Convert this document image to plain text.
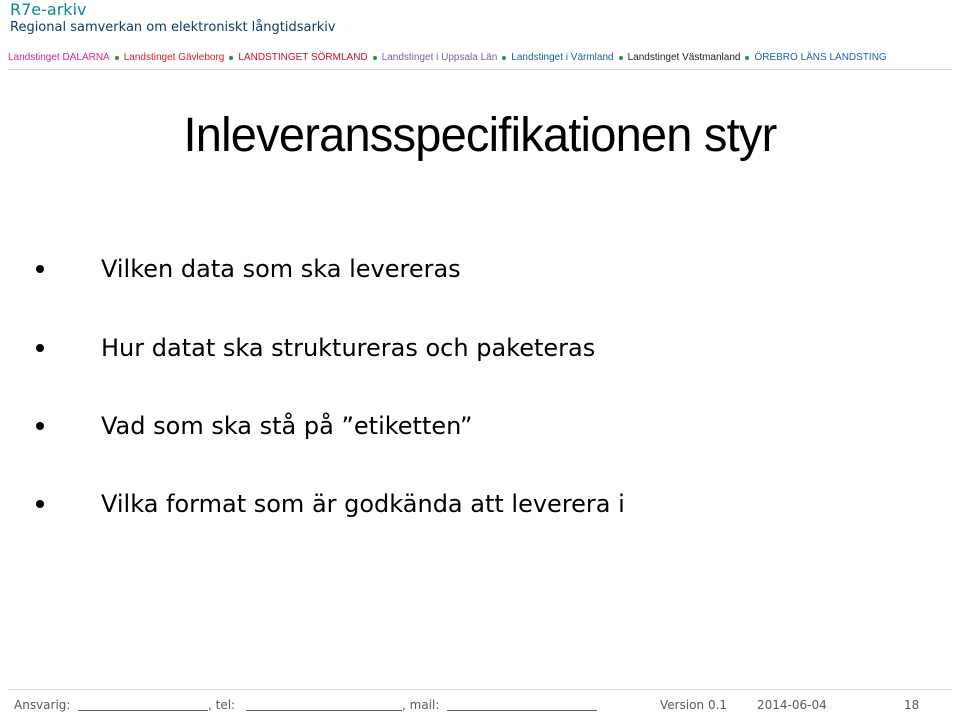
R7e-arkiv
Regional samverkan om elektroniskt långtidsarkiv
Landstinget DALARNA Landstinget Gävleborg LANDSTINGET SÖRMLAND Landstinget i Uppsala Län Landstinget i Värmland Landstinget Västmanland ÖREBRO LÄNS LANDSTING
Inleveransspecifikationen styr
Vilken data som ska levereras
Hur datat ska struktureras och paketeras
Vad som ska stå på ”etiketten”
Vilka format som är godkända att leverera i
Ansvarig:	, tel:	, mail:	Version 0.1 2014-06-04	18
